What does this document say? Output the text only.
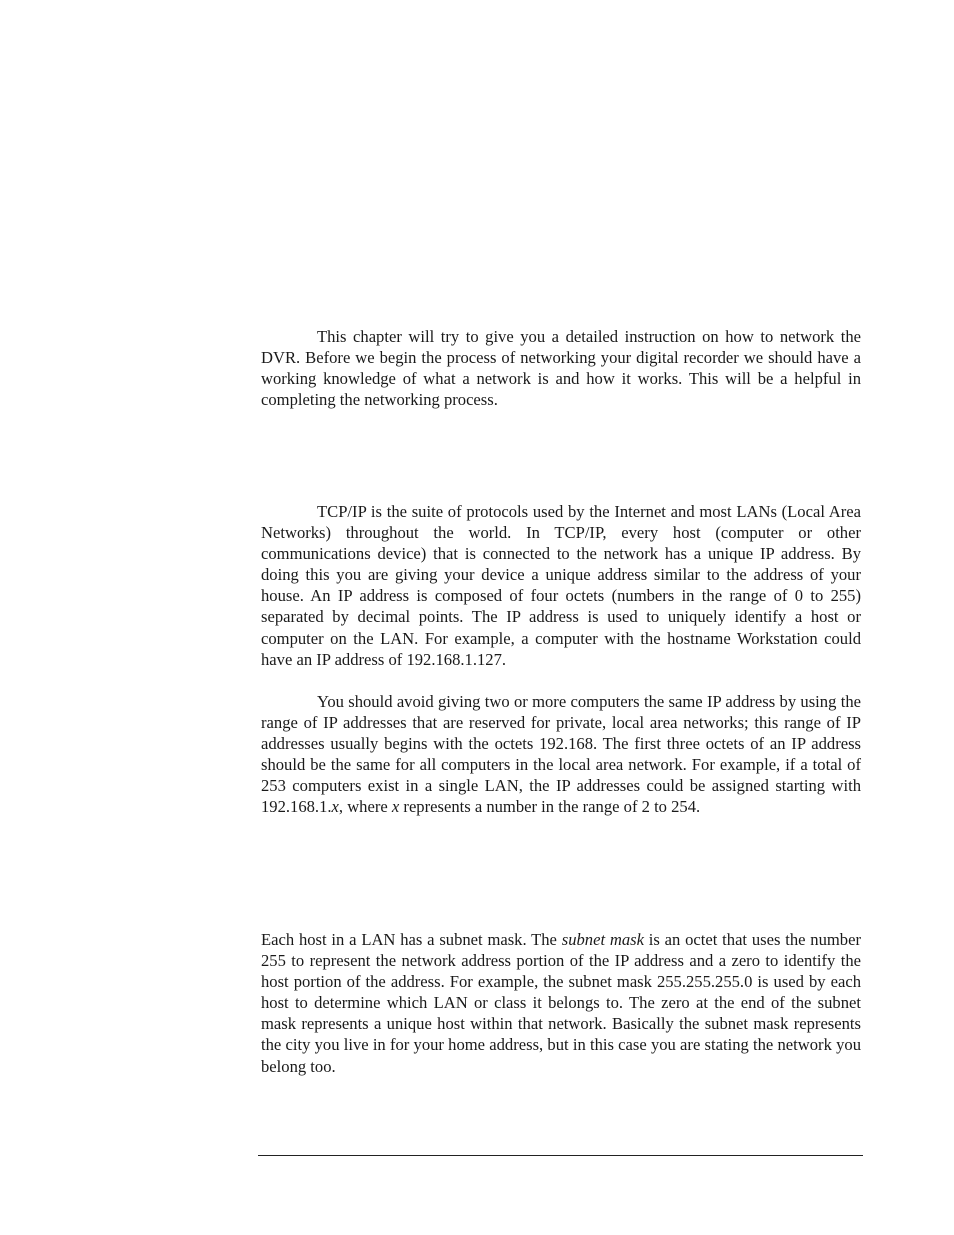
This chapter will try to give you a detailed instruction on how to network the DVR. Before we begin the process of networking your digital recorder we should have a working knowledge of what a network is and how it works. This will be a helpful in completing the networking process.

TCP/IP is the suite of protocols used by the Internet and most LANs (Local Area Networks) throughout the world. In TCP/IP, every host (computer or other communications device) that is connected to the network has a unique IP address. By doing this you are giving your device a unique address similar to the address of your house. An IP address is composed of four octets (numbers in the range of 0 to 255) separated by decimal points. The IP address is used to uniquely identify a host or computer on the LAN. For example, a computer with the hostname Workstation could have an IP address of 192.168.1.127.

You should avoid giving two or more computers the same IP address by using the range of IP addresses that are reserved for private, local area networks; this range of IP addresses usually begins with the octets 192.168. The first three octets of an IP address should be the same for all computers in the local area network. For example, if a total of 253 computers exist in a single LAN, the IP addresses could be assigned starting with 192.168.1.x, where x represents a number in the range of 2 to 254.

Each host in a LAN has a subnet mask. The subnet mask is an octet that uses the number 255 to represent the network address portion of the IP address and a zero to identify the host portion of the address. For example, the subnet mask 255.255.255.0 is used by each host to determine which LAN or class it belongs to. The zero at the end of the subnet mask represents a unique host within that network. Basically the subnet mask represents the city you live in for your home address, but in this case you are stating the network you belong too.
